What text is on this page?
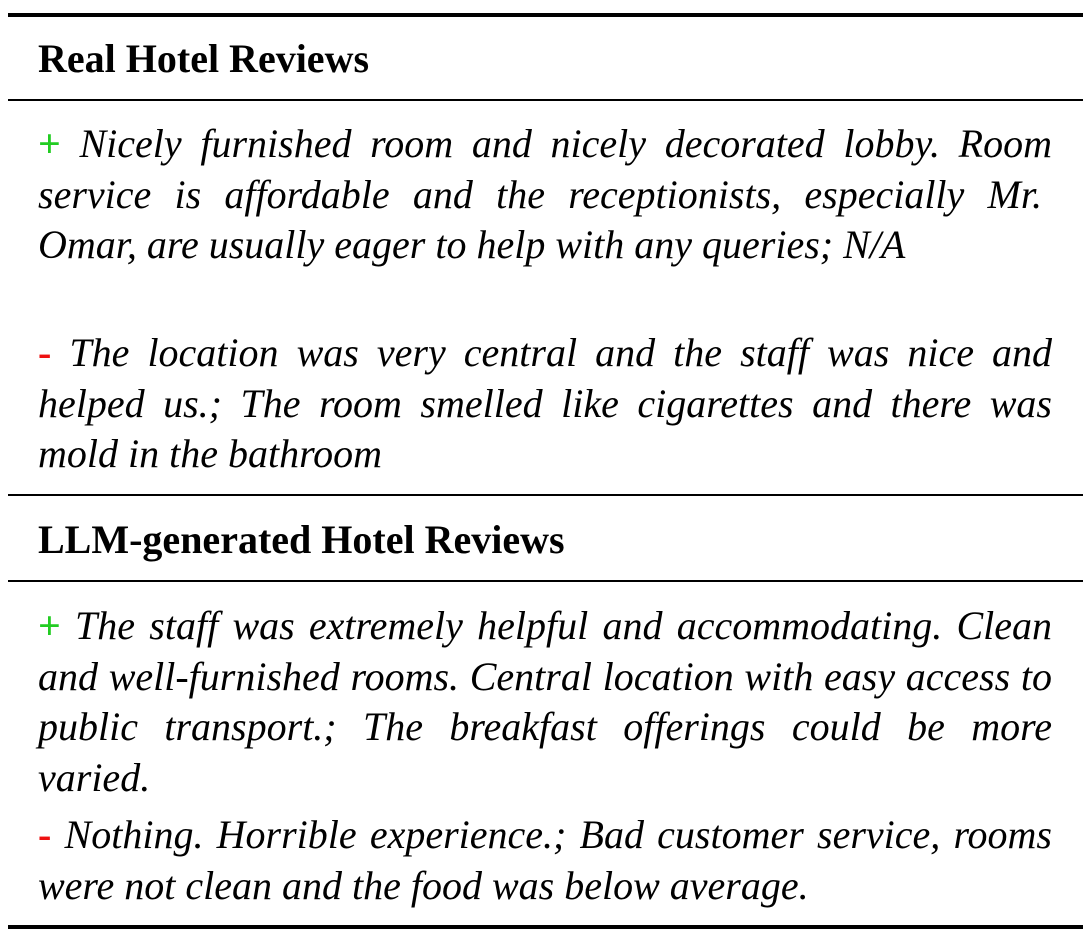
Real Hotel Reviews
+ Nicely furnished room and nicely decorated lobby. Room service is affordable and the receptionists, especially Mr.  Omar, are usually eager to help with any queries; N/A
- The location was very central and the staff was nice and helped us.; The room smelled like cigarettes and there was mold in the bathroom
LLM-generated Hotel Reviews
+ The staff was extremely helpful and accommodating. Clean and well-furnished rooms. Central location with easy access to public transport.; The breakfast offerings could be more varied.
- Nothing. Horrible experience.; Bad customer service, rooms were not clean and the food was below average.
